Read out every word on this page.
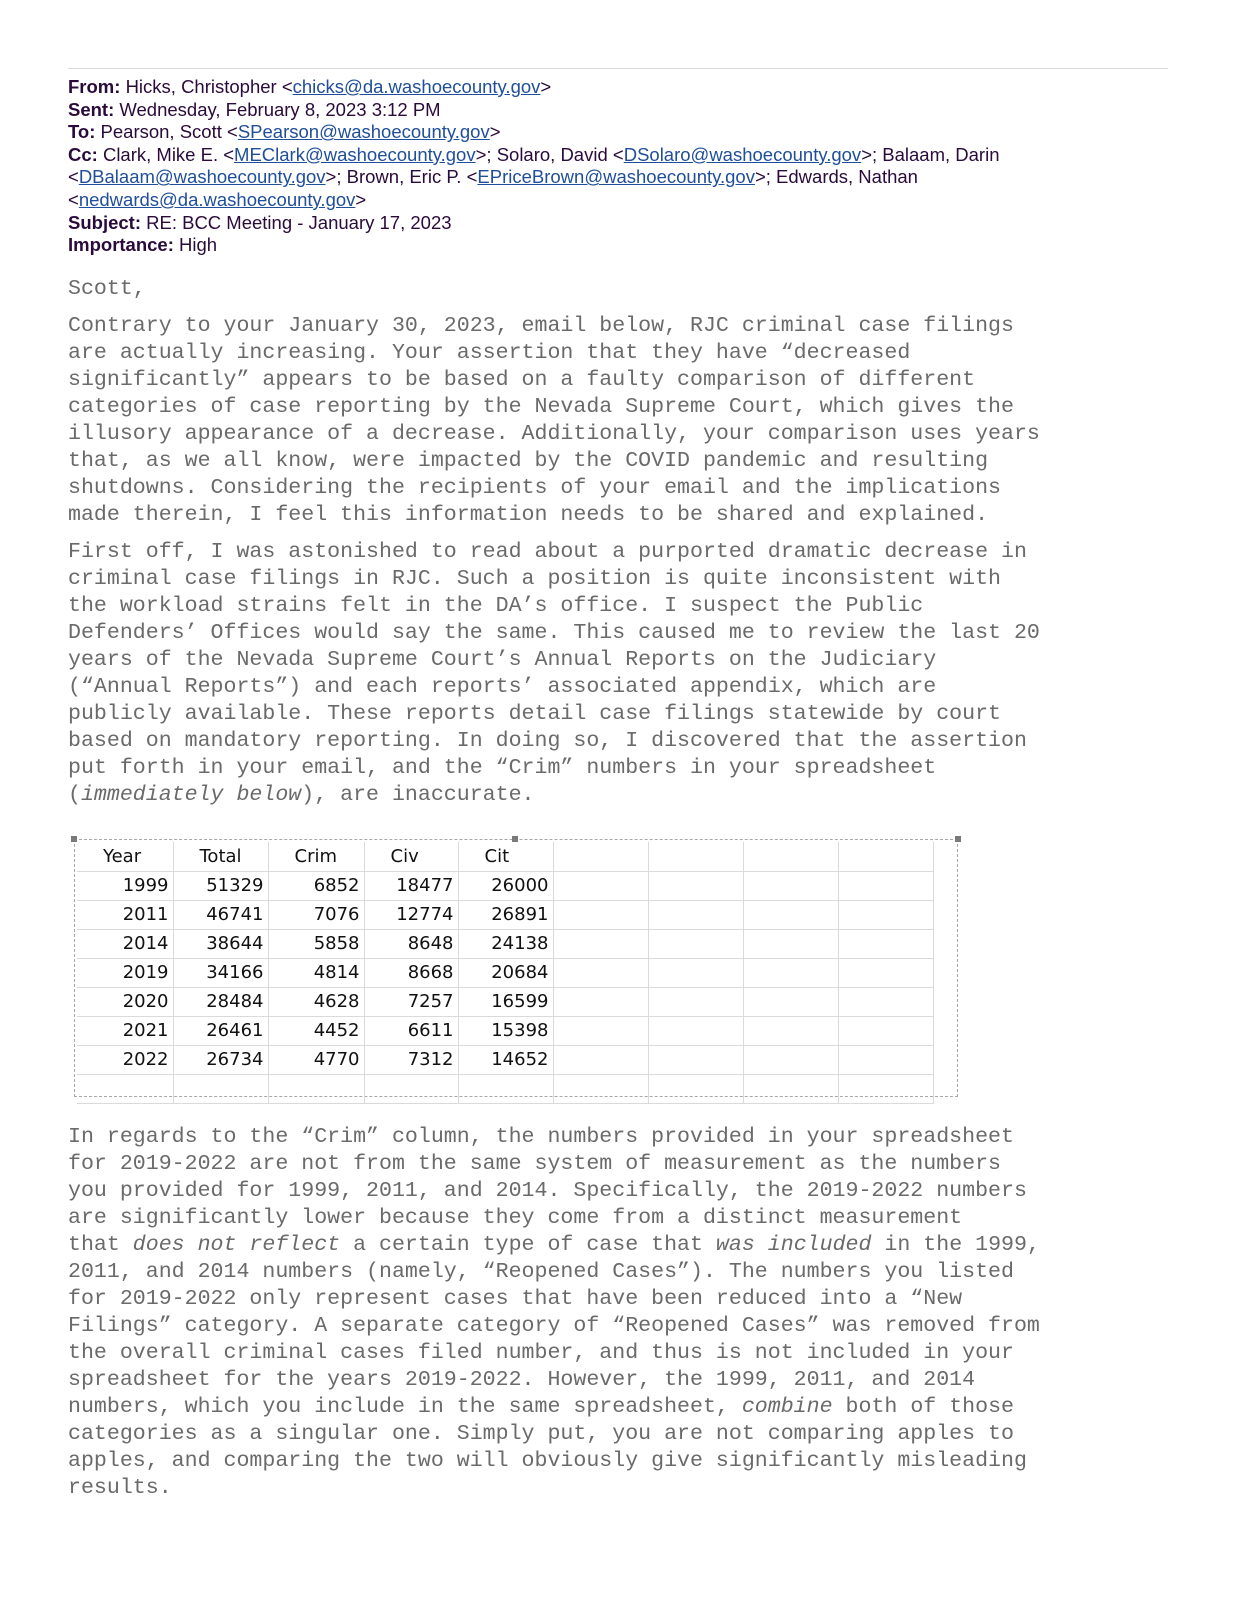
From: Hicks, Christopher <chicks@da.washoecounty.gov>
Sent: Wednesday, February 8, 2023 3:12 PM
To: Pearson, Scott <SPearson@washoecounty.gov>
Cc: Clark, Mike E. <MEClark@washoecounty.gov>; Solaro, David <DSolaro@washoecounty.gov>; Balaam, Darin
<DBalaam@washoecounty.gov>; Brown, Eric P. <EPriceBrown@washoecounty.gov>; Edwards, Nathan
<nedwards@da.washoecounty.gov>
Subject: RE: BCC Meeting - January 17, 2023
Importance: High

Scott,

Contrary to your January 30, 2023, email below, RJC criminal case filings

are actually increasing. Your assertion that they have “decreased

significantly” appears to be based on a faulty comparison of different

categories of case reporting by the Nevada Supreme Court, which gives the

illusory appearance of a decrease. Additionally, your comparison uses years

that, as we all know, were impacted by the COVID pandemic and resulting

shutdowns. Considering the recipients of your email and the implications

made therein, I feel this information needs to be shared and explained.

First off, I was astonished to read about a purported dramatic decrease in

criminal case filings in RJC. Such a position is quite inconsistent with

the workload strains felt in the DA’s office. I suspect the Public

Defenders’ Offices would say the same. This caused me to review the last 20

years of the Nevada Supreme Court’s Annual Reports on the Judiciary

(“Annual Reports”) and each reports’ associated appendix, which are

publicly available. These reports detail case filings statewide by court

based on mandatory reporting. In doing so, I discovered that the assertion

put forth in your email, and the “Crim” numbers in your spreadsheet

(immediately below), are inaccurate.

Year	Total	Crim	Civ	Cit				
1999	51329	6852	18477	26000				
2011	46741	7076	12774	26891				
2014	38644	5858	8648	24138				
2019	34166	4814	8668	20684				
2020	28484	4628	7257	16599				
2021	26461	4452	6611	15398				
2022	26734	4770	7312	14652				

In regards to the “Crim” column, the numbers provided in your spreadsheet

for 2019-2022 are not from the same system of measurement as the numbers

you provided for 1999, 2011, and 2014. Specifically, the 2019-2022 numbers

are significantly lower because they come from a distinct measurement

that does not reflect a certain type of case that was included in the 1999,

2011, and 2014 numbers (namely, “Reopened Cases”). The numbers you listed

for 2019-2022 only represent cases that have been reduced into a “New

Filings” category. A separate category of “Reopened Cases” was removed from

the overall criminal cases filed number, and thus is not included in your

spreadsheet for the years 2019-2022. However, the 1999, 2011, and 2014

numbers, which you include in the same spreadsheet, combine both of those

categories as a singular one. Simply put, you are not comparing apples to

apples, and comparing the two will obviously give significantly misleading

results.
